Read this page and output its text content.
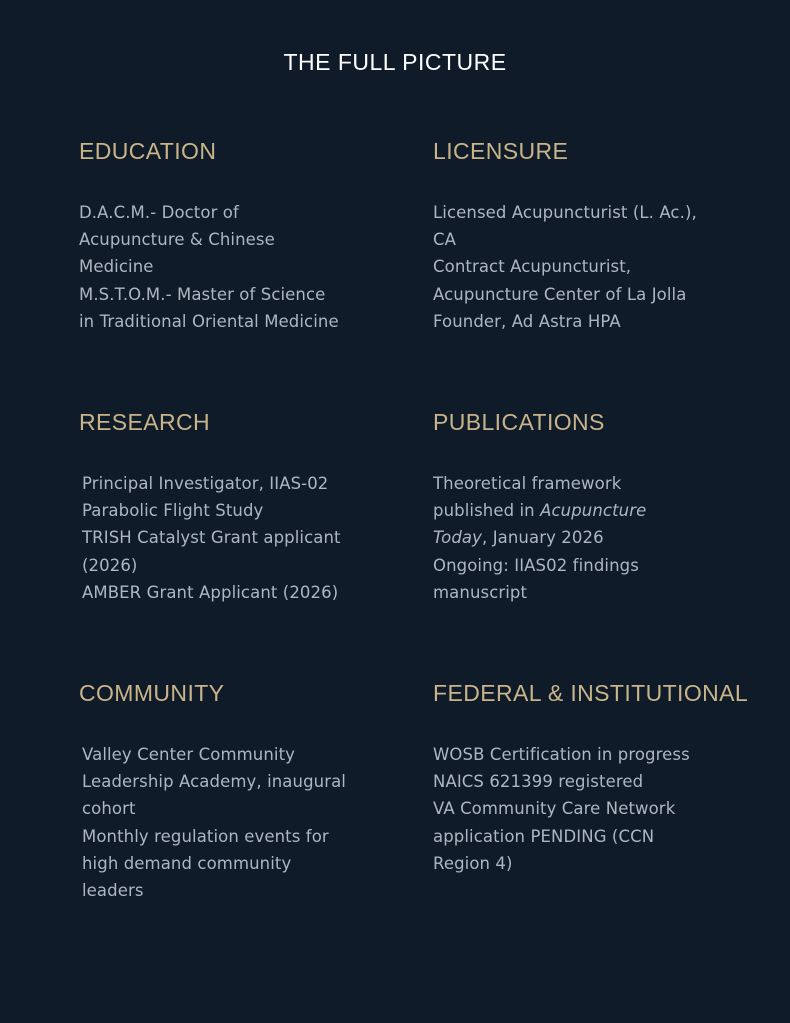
THE FULL PICTURE
EDUCATION
D.A.C.M.- Doctor of
Acupuncture & Chinese
Medicine
M.S.T.O.M.- Master of Science
in Traditional Oriental Medicine
LICENSURE
Licensed Acupuncturist (L. Ac.),
CA
Contract Acupuncturist,
Acupuncture Center of La Jolla
Founder, Ad Astra HPA
RESEARCH
Principal Investigator, IIAS-02
Parabolic Flight Study
TRISH Catalyst Grant applicant
(2026)
AMBER Grant Applicant (2026)
PUBLICATIONS
Theoretical framework
published in Acupuncture
Today, January 2026
Ongoing: IIAS02 findings
manuscript
COMMUNITY
Valley Center Community
Leadership Academy, inaugural
cohort
Monthly regulation events for
high demand community
leaders
FEDERAL & INSTITUTIONAL
WOSB Certification in progress
NAICS 621399 registered
VA Community Care Network
application PENDING (CCN
Region 4)
